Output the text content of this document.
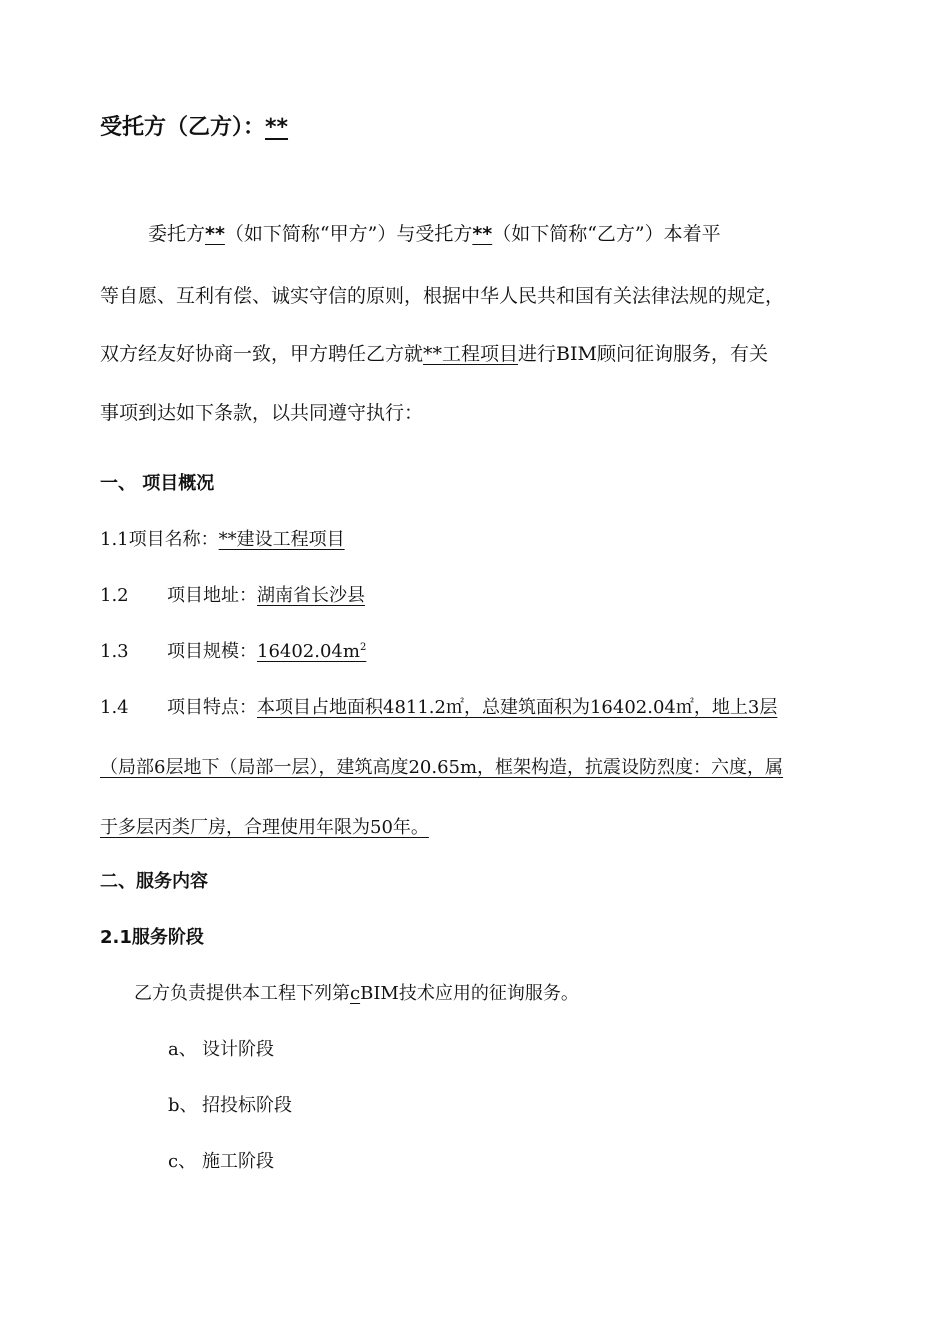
受托方（乙方）：**
委托方**（如下简称“甲方”）与受托方**（如下简称“乙方”）本着平
等自愿、互利有偿、诚实守信的原则，根据中华人民共和国有关法律法规的规定，
双方经友好协商一致，甲方聘任乙方就**工程项目进行BIM顾问征询服务，有关
事项到达如下条款，以共同遵守执行：
一、 项目概况
1.1项目名称：**建设工程项目
1.2 项目地址：湖南省长沙县
1.3 项目规模：$16402.04m^2$
1.4 项目特点：本项目占地面积4811.2㎡，总建筑面积为16402.04㎡，地上3层
（局部6层地下（局部一层），建筑高度20.65m，框架构造，抗震设防烈度：六度，属
于多层丙类厂房，合理使用年限为50年。
二、服务内容
2.1服务阶段
乙方负责提供本工程下列第cBIM技术应用的征询服务。
a、 设计阶段
b、 招投标阶段
c、 施工阶段
